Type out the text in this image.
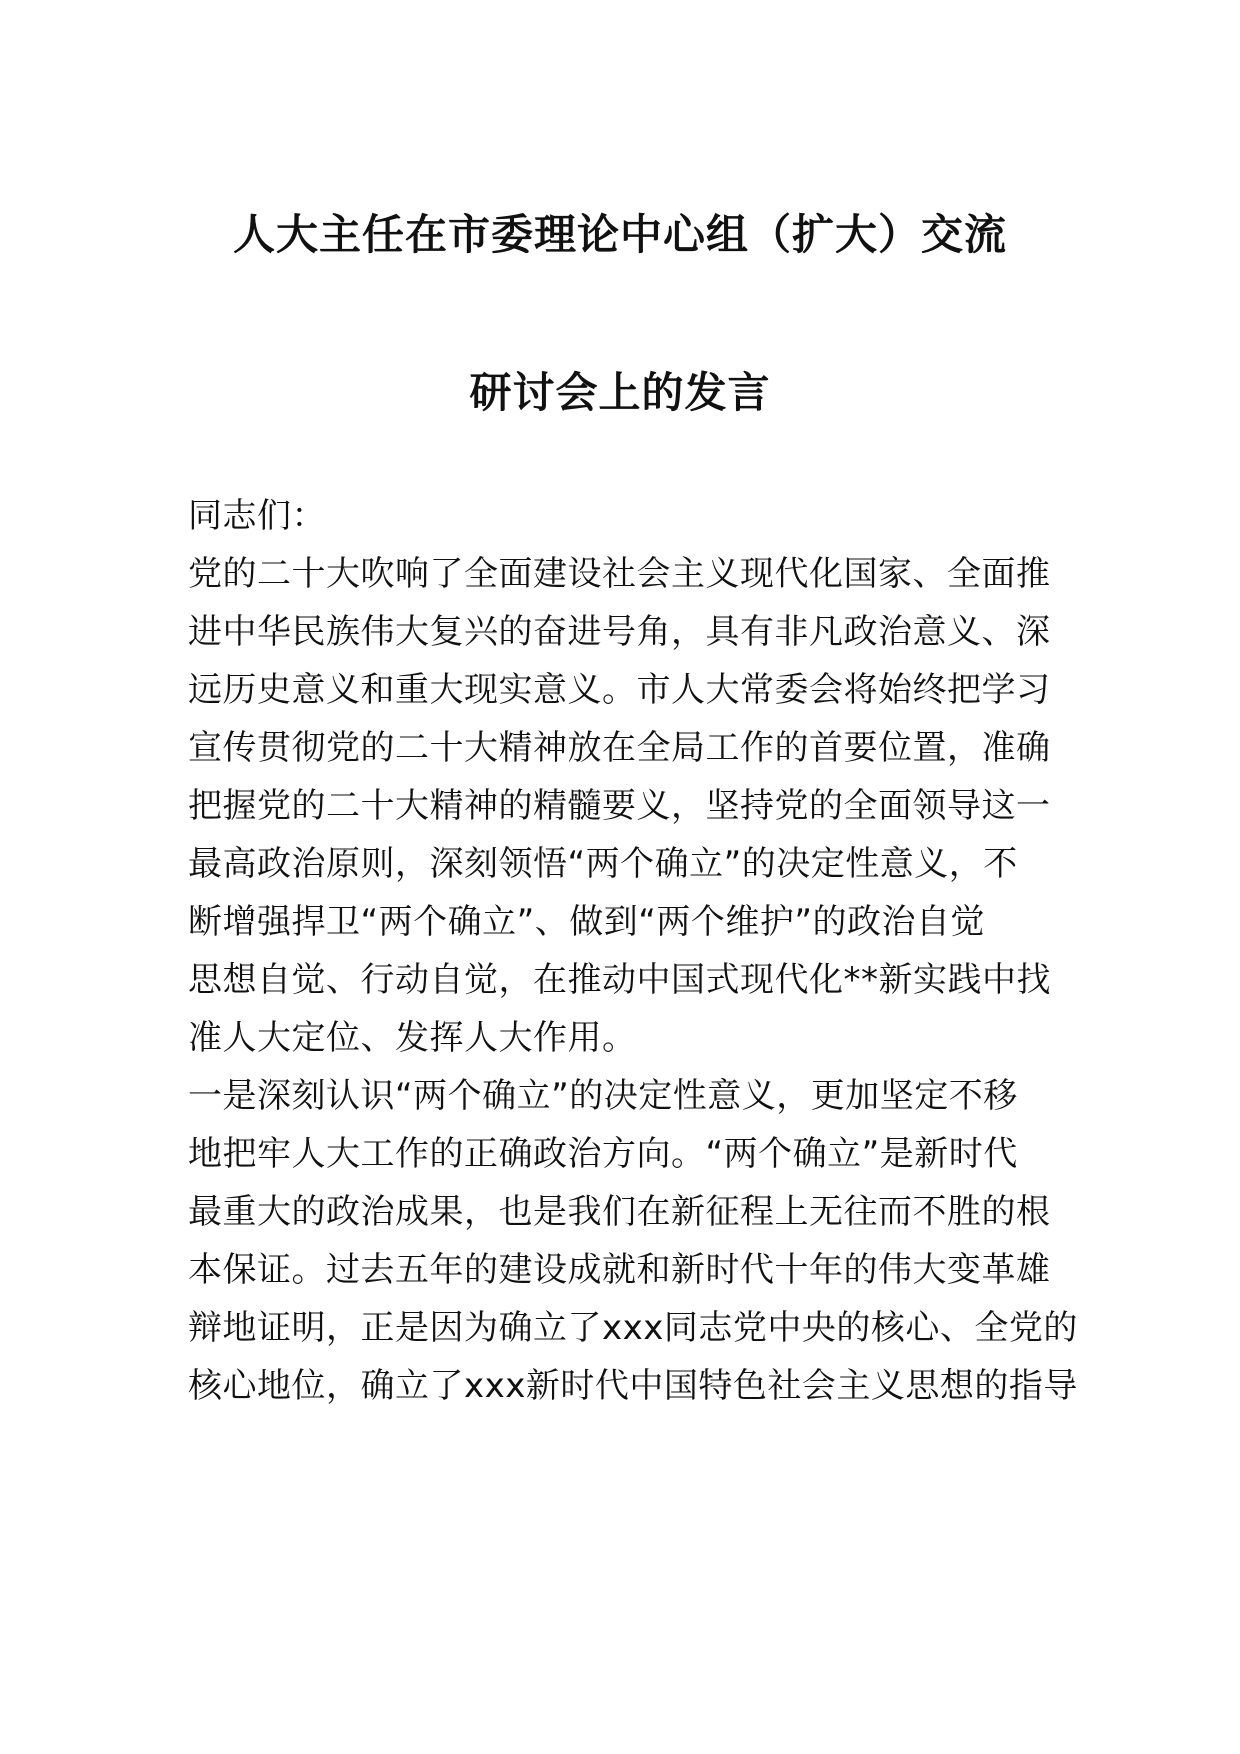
人大主任在市委理论中心组（扩大）交流
研讨会上的发言
同志们：
党的二十大吹响了全面建设社会主义现代化国家、全面推
进中华民族伟大复兴的奋进号角，具有非凡政治意义、深
远历史意义和重大现实意义。市人大常委会将始终把学习
宣传贯彻党的二十大精神放在全局工作的首要位置，准确
把握党的二十大精神的精髓要义，坚持党的全面领导这一
最高政治原则，深刻领悟“两个确立”的决定性意义，不
断增强捍卫“两个确立”、做到“两个维护”的政治自觉
思想自觉、行动自觉，在推动中国式现代化**新实践中找
准人大定位、发挥人大作用。
一是深刻认识“两个确立”的决定性意义，更加坚定不移
地把牢人大工作的正确政治方向。“两个确立”是新时代
最重大的政治成果，也是我们在新征程上无往而不胜的根
本保证。过去五年的建设成就和新时代十年的伟大变革雄
辩地证明，正是因为确立了xxx同志党中央的核心、全党的
核心地位，确立了xxx新时代中国特色社会主义思想的指导
